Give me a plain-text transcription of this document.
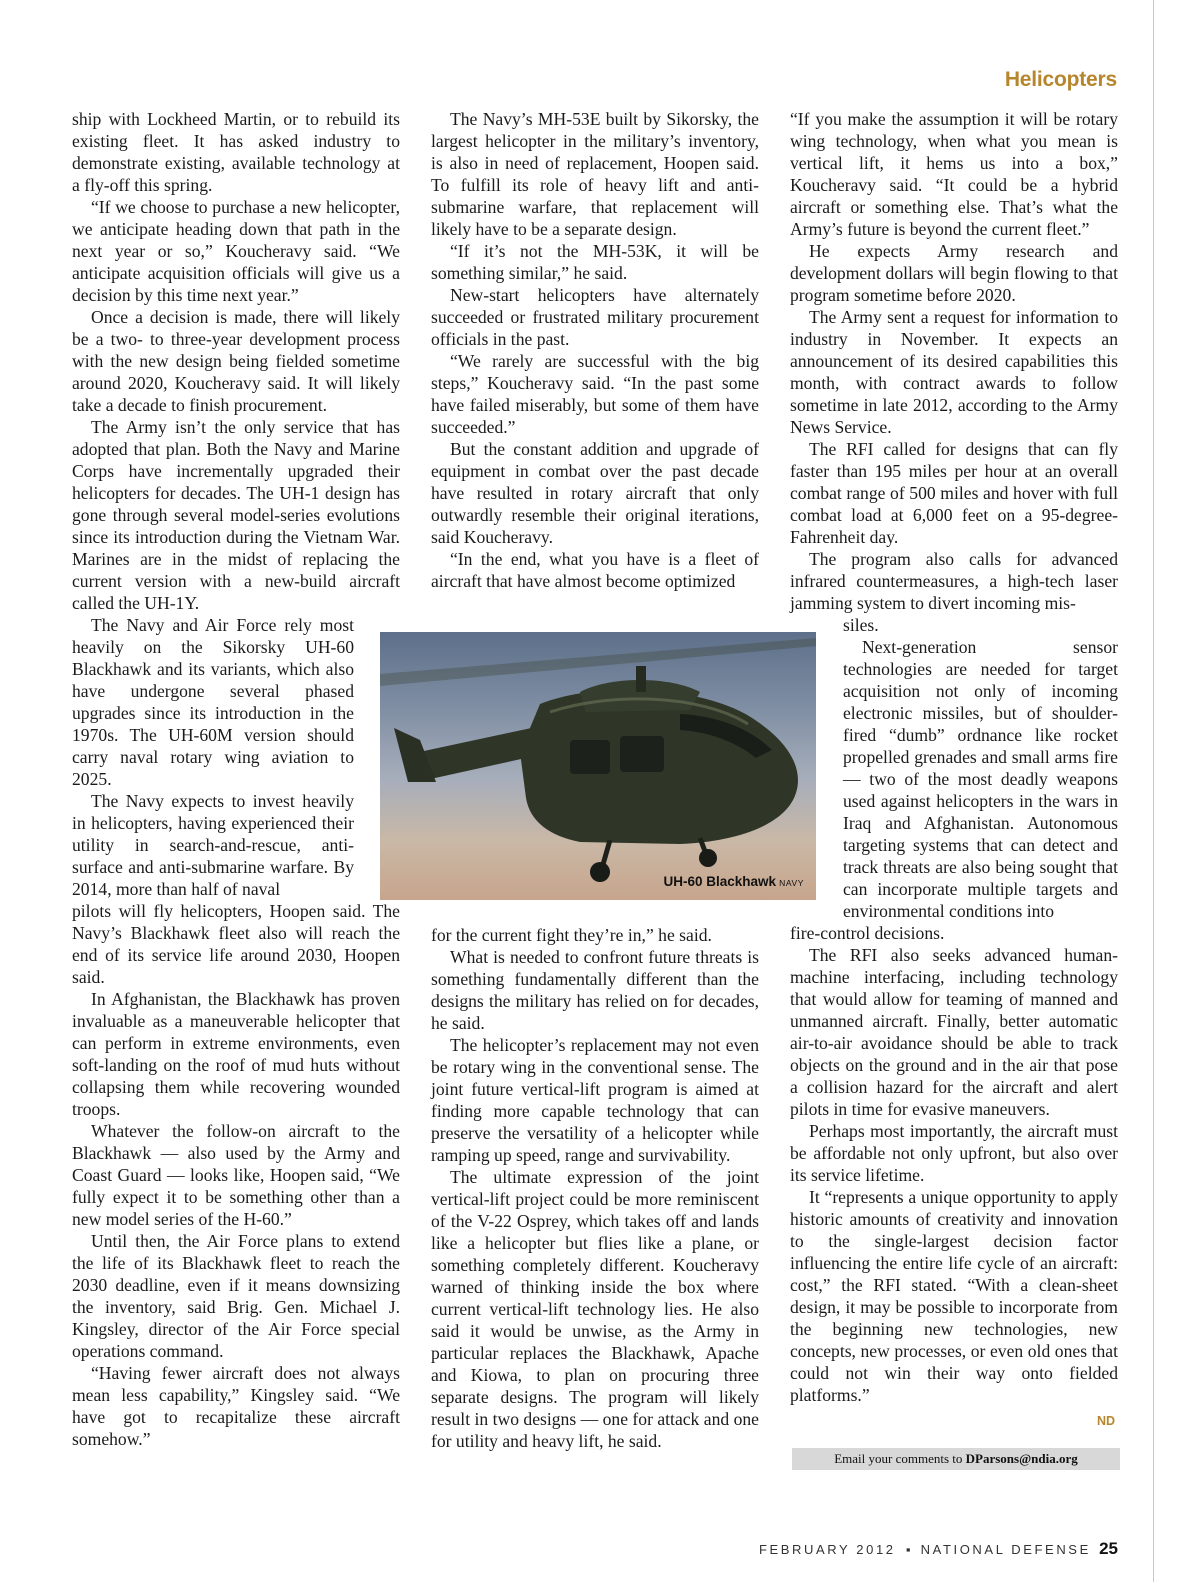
Helicopters

ship with Lockheed Martin, or to rebuild its existing fleet. It has asked industry to demonstrate existing, available technology at a fly-off this spring.

“If we choose to purchase a new helicopter, we anticipate heading down that path in the next year or so,” Koucheravy said. “We anticipate acquisition officials will give us a decision by this time next year.”

Once a decision is made, there will likely be a two- to three-year development process with the new design being fielded sometime around 2020, Koucheravy said. It will likely take a decade to finish procurement.

The Army isn’t the only service that has adopted that plan. Both the Navy and Marine Corps have incrementally upgraded their helicopters for decades. The UH-1 design has gone through several model-series evolutions since its introduction during the Vietnam War. Marines are in the midst of replacing the current version with a new-build aircraft called the UH-1Y.

The Navy and Air Force rely most heavily on the Sikorsky UH-60 Blackhawk and its variants, which also have undergone several phased upgrades since its introduction in the 1970s. The UH-60M version should carry naval rotary wing aviation to 2025.

The Navy expects to invest heavily in helicopters, having experienced their utility in search-and-rescue, anti-surface and anti-submarine warfare. By 2014, more than half of naval

pilots will fly helicopters, Hoopen said. The Navy’s Blackhawk fleet also will reach the end of its service life around 2030, Hoopen said.

In Afghanistan, the Blackhawk has proven invaluable as a maneuverable helicopter that can perform in extreme environments, even soft-landing on the roof of mud huts without collapsing them while recovering wounded troops.

Whatever the follow-on aircraft to the Blackhawk — also used by the Army and Coast Guard — looks like, Hoopen said, “We fully expect it to be something other than a new model series of the H-60.”

Until then, the Air Force plans to extend the life of its Blackhawk fleet to reach the 2030 deadline, even if it means downsizing the inventory, said Brig. Gen. Michael J. Kingsley, director of the Air Force special operations command.

“Having fewer aircraft does not always mean less capability,” Kingsley said. “We have got to recapitalize these aircraft somehow.”

The Navy’s MH-53E built by Sikorsky, the largest helicopter in the military’s inventory, is also in need of replacement, Hoopen said. To fulfill its role of heavy lift and anti-submarine warfare, that replacement will likely have to be a separate design.

“If it’s not the MH-53K, it will be something similar,” he said.

New-start helicopters have alternately succeeded or frustrated military procurement officials in the past.

“We rarely are successful with the big steps,” Koucheravy said. “In the past some have failed miserably, but some of them have succeeded.”

But the constant addition and upgrade of equipment in combat over the past decade have resulted in rotary aircraft that only outwardly resemble their original iterations, said Koucheravy.

“In the end, what you have is a fleet of aircraft that have almost become optimized

for the current fight they’re in,” he said.

What is needed to confront future threats is something fundamentally different than the designs the military has relied on for decades, he said.

The helicopter’s replacement may not even be rotary wing in the conventional sense. The joint future vertical-lift program is aimed at finding more capable technology that can preserve the versatility of a helicopter while ramping up speed, range and survivability.

The ultimate expression of the joint vertical-lift project could be more reminiscent of the V-22 Osprey, which takes off and lands like a helicopter but flies like a plane, or something completely different. Koucheravy warned of thinking inside the box where current vertical-lift technology lies. He also said it would be unwise, as the Army in particular replaces the Blackhawk, Apache and Kiowa, to plan on procuring three separate designs. The program will likely result in two designs — one for attack and one for utility and heavy lift, he said.

“If you make the assumption it will be rotary wing technology, when what you mean is vertical lift, it hems us into a box,” Koucheravy said. “It could be a hybrid aircraft or something else. That’s what the Army’s future is beyond the current fleet.”

He expects Army research and development dollars will begin flowing to that program sometime before 2020.

The Army sent a request for information to industry in November. It expects an announcement of its desired capabilities this month, with contract awards to follow sometime in late 2012, according to the Army News Service.

The RFI called for designs that can fly faster than 195 miles per hour at an overall combat range of 500 miles and hover with full combat load at 6,000 feet on a 95-degree-Fahrenheit day.

The program also calls for advanced infrared countermeasures, a high-tech laser jamming system to divert incoming mis-

siles.

Next-generation sensor technologies are needed for target acquisition not only of incoming electronic missiles, but of shoulder-fired “dumb” ordnance like rocket propelled grenades and small arms fire — two of the most deadly weapons used against helicopters in the wars in Iraq and Afghanistan. Autonomous targeting systems that can detect and track threats are also being sought that can incorporate multiple targets and environmental conditions into

fire-control decisions.

The RFI also seeks advanced human-machine interfacing, including technology that would allow for teaming of manned and unmanned aircraft. Finally, better automatic air-to-air avoidance should be able to track objects on the ground and in the air that pose a collision hazard for the aircraft and alert pilots in time for evasive maneuvers.

Perhaps most importantly, the aircraft must be affordable not only upfront, but also over its service lifetime.

It “represents a unique opportunity to apply historic amounts of creativity and innovation to the single-largest decision factor influencing the entire life cycle of an aircraft: cost,” the RFI stated. “With a clean-sheet design, it may be possible to incorporate from the beginning new technologies, new concepts, new processes, or even old ones that could not win their way onto fielded platforms.”

UH-60 Blackhawk NAVY
ND
Email your comments to DParsons@ndia.org
FEBRUARY 2012 ▪ NATIONAL DEFENSE 25
